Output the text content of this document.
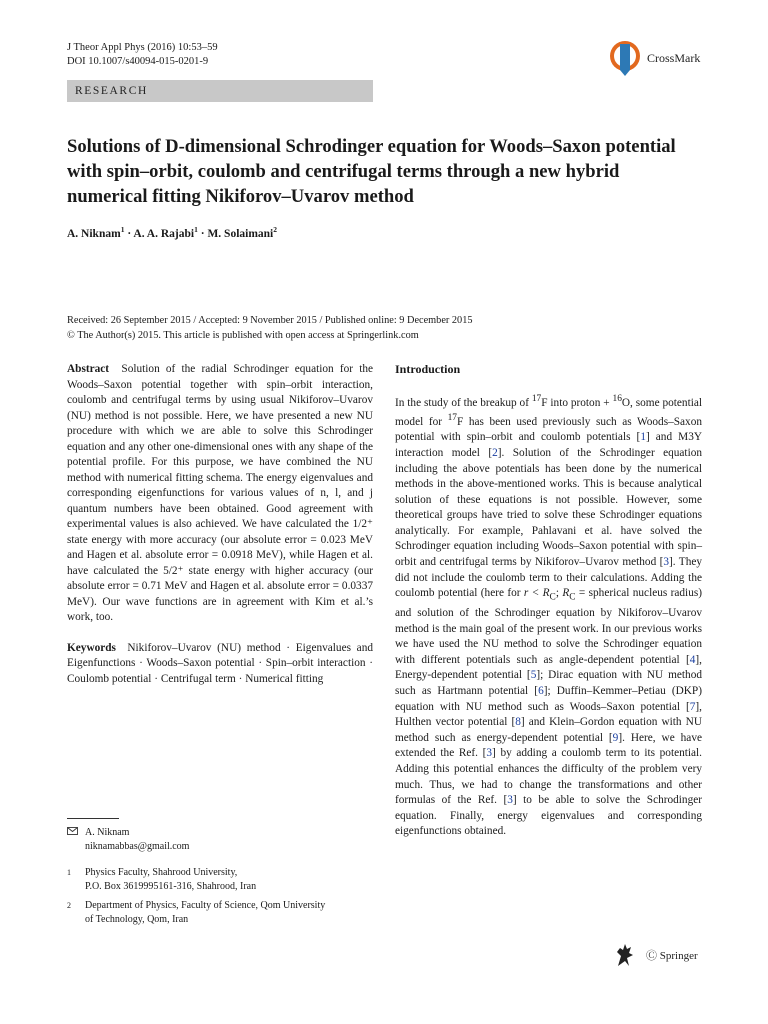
J Theor Appl Phys (2016) 10:53–59
DOI 10.1007/s40094-015-0201-9	CrossMark
RESEARCH
Solutions of D-dimensional Schrodinger equation for Woods–Saxon potential with spin–orbit, coulomb and centrifugal terms through a new hybrid numerical fitting Nikiforov–Uvarov method
A. Niknam$^1$ · A. A. Rajabi$^1$ · M. Solaimani$^2$
Received: 26 September 2015 / Accepted: 9 November 2015 / Published online: 9 December 2015
© The Author(s) 2015. This article is published with open access at Springerlink.com
Abstract Solution of the radial Schrodinger equation for the Woods–Saxon potential together with spin–orbit interaction, coulomb and centrifugal terms by using usual Nikiforov–Uvarov (NU) method is not possible. Here, we have presented a new NU procedure with which we are able to solve this Schrodinger equation and any other one-dimensional ones with any shape of the potential profile. For this purpose, we have combined the NU method with numerical fitting schema. The energy eigenvalues and corresponding eigenfunctions for various values of n, l, and j quantum numbers have been obtained. Good agreement with experimental values is also achieved. We have calculated the 1/2⁺ state energy with more accuracy (our absolute error = 0.023 MeV and Hagen et al. absolute error = 0.0918 MeV), while Hagen et al. have calculated the 5/2⁺ state energy with higher accuracy (our absolute error = 0.71 MeV and Hagen et al. absolute error = 0.0337 MeV). Our wave functions are in agreement with Kim et al.’s work, too.
Keywords Nikiforov–Uvarov (NU) method · Eigenvalues and Eigenfunctions · Woods–Saxon potential · Spin–orbit interaction · Coulomb potential · Centrifugal term · Numerical fitting
A. Niknam
niknamabbas@gmail.com
1	Physics Faculty, Shahrood University,
P.O. Box 3619995161-316, Shahrood, Iran
2	Department of Physics, Faculty of Science, Qom University
of Technology, Qom, Iran
Introduction
In the study of the breakup of $^{17}$F into proton + $^{16}$O, some potential model for $^{17}$F has been used previously such as Woods–Saxon potential with spin–orbit and coulomb potentials [1] and M3Y interaction model [2]. Solution of the Schrodinger equation including the above potentials has been done by the numerical methods in the above-mentioned works. This is because analytical solution of these equations is not possible. However, some theoretical groups have tried to solve these Schrodinger equations analytically. For example, Pahlavani et al. have solved the Schrodinger equation including Woods–Saxon potential with spin–orbit and centrifugal terms by Nikiforov–Uvarov method [3]. They did not include the coulomb term to their calculations. Adding the coulomb potential (here for $r < R_C$; $R_C$ = spherical nucleus radius) and solution of the Schrodinger equation by Nikiforov–Uvarov method is the main goal of the present work. In our previous works we have used the NU method to solve the Schrodinger equation with different potentials such as angle-dependent potential [4], Energy-dependent potential [5]; Dirac equation with NU method such as Hartmann potential [6]; Duffin–Kemmer–Petiau (DKP) equation with NU method such as Woods–Saxon potential [7], Hulthen vector potential [8] and Klein–Gordon equation with NU method such as energy-dependent potential [9]. Here, we have extended the Ref. [3] by adding a coulomb term to its potential. Adding this potential enhances the difficulty of the problem very much. Thus, we had to change the transformations and other formulas of the Ref. [3] to be able to solve the Schrodinger equation. Finally, energy eigenvalues and corresponding eigenfunctions obtained.
Ⓒ Springer
